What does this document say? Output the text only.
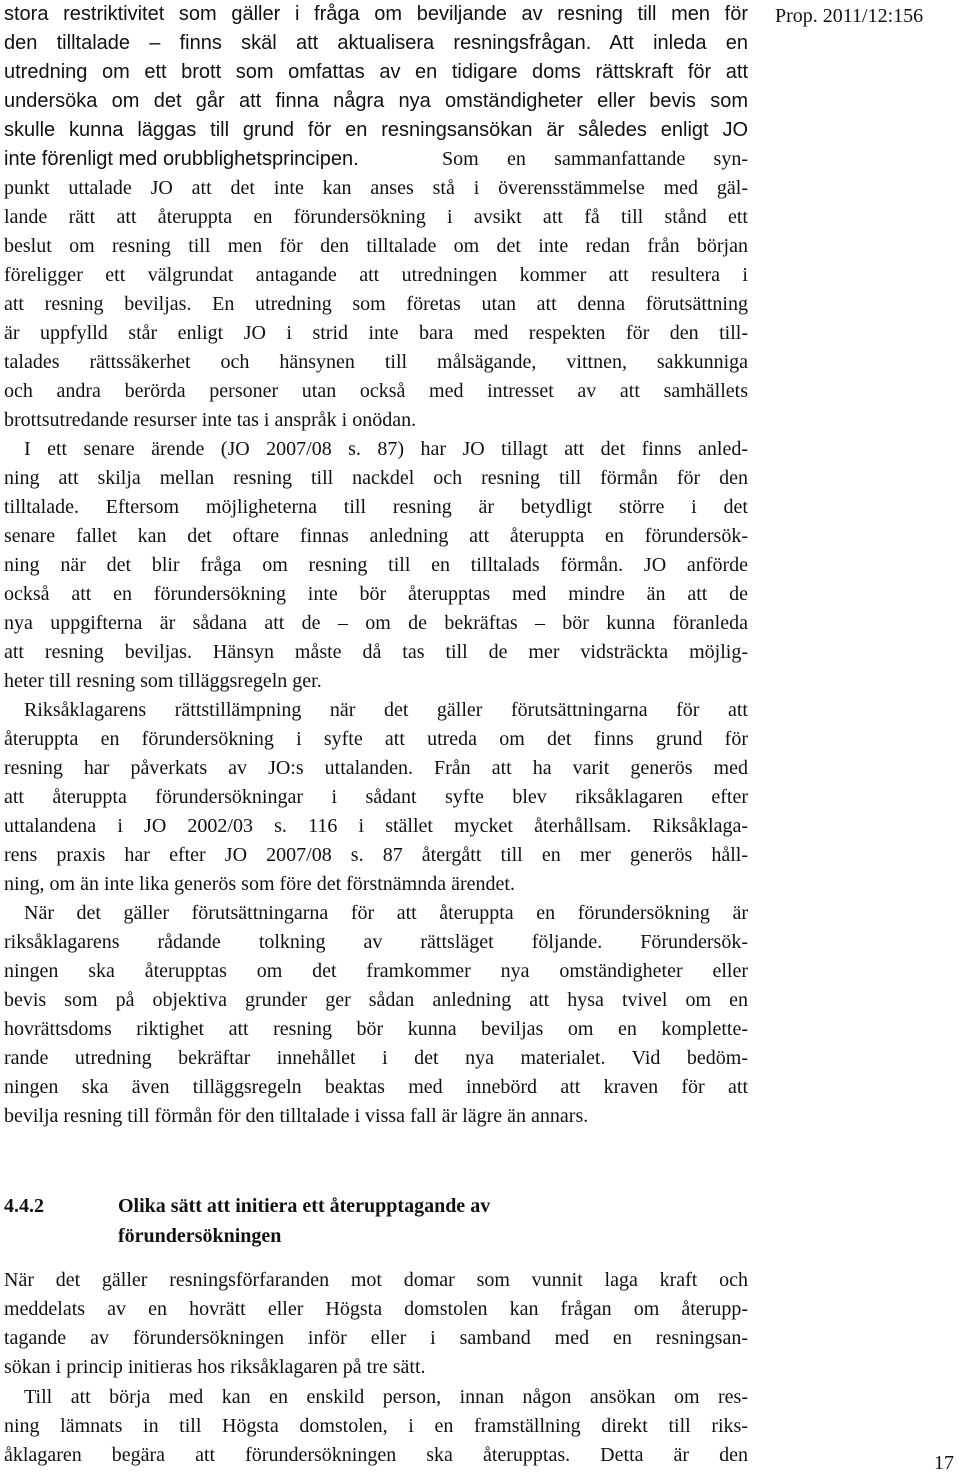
Prop. 2011/12:156
stora restriktivitet som gäller i fråga om beviljande av resning till men för
den tilltalade – finns skäl att aktualisera resningsfrågan. Att inleda en
utredning om ett brott som omfattas av en tidigare doms rättskraft för att
undersöka om det går att finna några nya omständigheter eller bevis som
skulle kunna läggas till grund för en resningsansökan är således enligt JO
inte förenligt med orubblighetsprincipen.	Som en sammanfattande syn-
punkt uttalade JO att det inte kan anses stå i överensstämmelse med gäl-
lande rätt att återuppta en förundersökning i avsikt att få till stånd ett
beslut om resning till men för den tilltalade om det inte redan från början
föreligger ett välgrundat antagande att utredningen kommer att resultera i
att resning beviljas. En utredning som företas utan att denna förutsättning
är uppfylld står enligt JO i strid inte bara med respekten för den till-
talades rättssäkerhet och hänsynen till målsägande, vittnen, sakkunniga
och andra berörda personer utan också med intresset av att samhällets
brottsutredande resurser inte tas i anspråk i onödan.
I ett senare ärende (JO 2007/08 s. 87) har JO tillagt att det finns anled-
ning att skilja mellan resning till nackdel och resning till förmån för den
tilltalade. Eftersom möjligheterna till resning är betydligt större i det
senare fallet kan det oftare finnas anledning att återuppta en förundersök-
ning när det blir fråga om resning till en tilltalads förmån. JO anförde
också att en förundersökning inte bör återupptas med mindre än att de
nya uppgifterna är sådana att de – om de bekräftas – bör kunna föranleda
att resning beviljas. Hänsyn måste då tas till de mer vidsträckta möjlig-
heter till resning som tilläggsregeln ger.
Riksåklagarens rättstillämpning när det gäller förutsättningarna för att
återuppta en förundersökning i syfte att utreda om det finns grund för
resning har påverkats av JO:s uttalanden. Från att ha varit generös med
att återuppta förundersökningar i sådant syfte blev riksåklagaren efter
uttalandena i JO 2002/03 s. 116 i stället mycket återhållsam. Riksåklaga-
rens praxis har efter JO 2007/08 s. 87 återgått till en mer generös håll-
ning, om än inte lika generös som före det förstnämnda ärendet.
När det gäller förutsättningarna för att återuppta en förundersökning är
riksåklagarens rådande tolkning av rättsläget följande. Förundersök-
ningen ska återupptas om det framkommer nya omständigheter eller
bevis som på objektiva grunder ger sådan anledning att hysa tvivel om en
hovrättsdoms riktighet att resning bör kunna beviljas om en komplette-
rande utredning bekräftar innehållet i det nya materialet. Vid bedöm-
ningen ska även tilläggsregeln beaktas med innebörd att kraven för att
bevilja resning till förmån för den tilltalade i vissa fall är lägre än annars.
4.4.2	Olika sätt att initiera ett återupptagande av
förundersökningen
När det gäller resningsförfaranden mot domar som vunnit laga kraft och
meddelats av en hovrätt eller Högsta domstolen kan frågan om återupp-
tagande av förundersökningen inför eller i samband med en resningsan-
sökan i princip initieras hos riksåklagaren på tre sätt.
Till att börja med kan en enskild person, innan någon ansökan om res-
ning lämnats in till Högsta domstolen, i en framställning direkt till riks-
åklagaren begära att förundersökningen ska återupptas. Detta är den	17
